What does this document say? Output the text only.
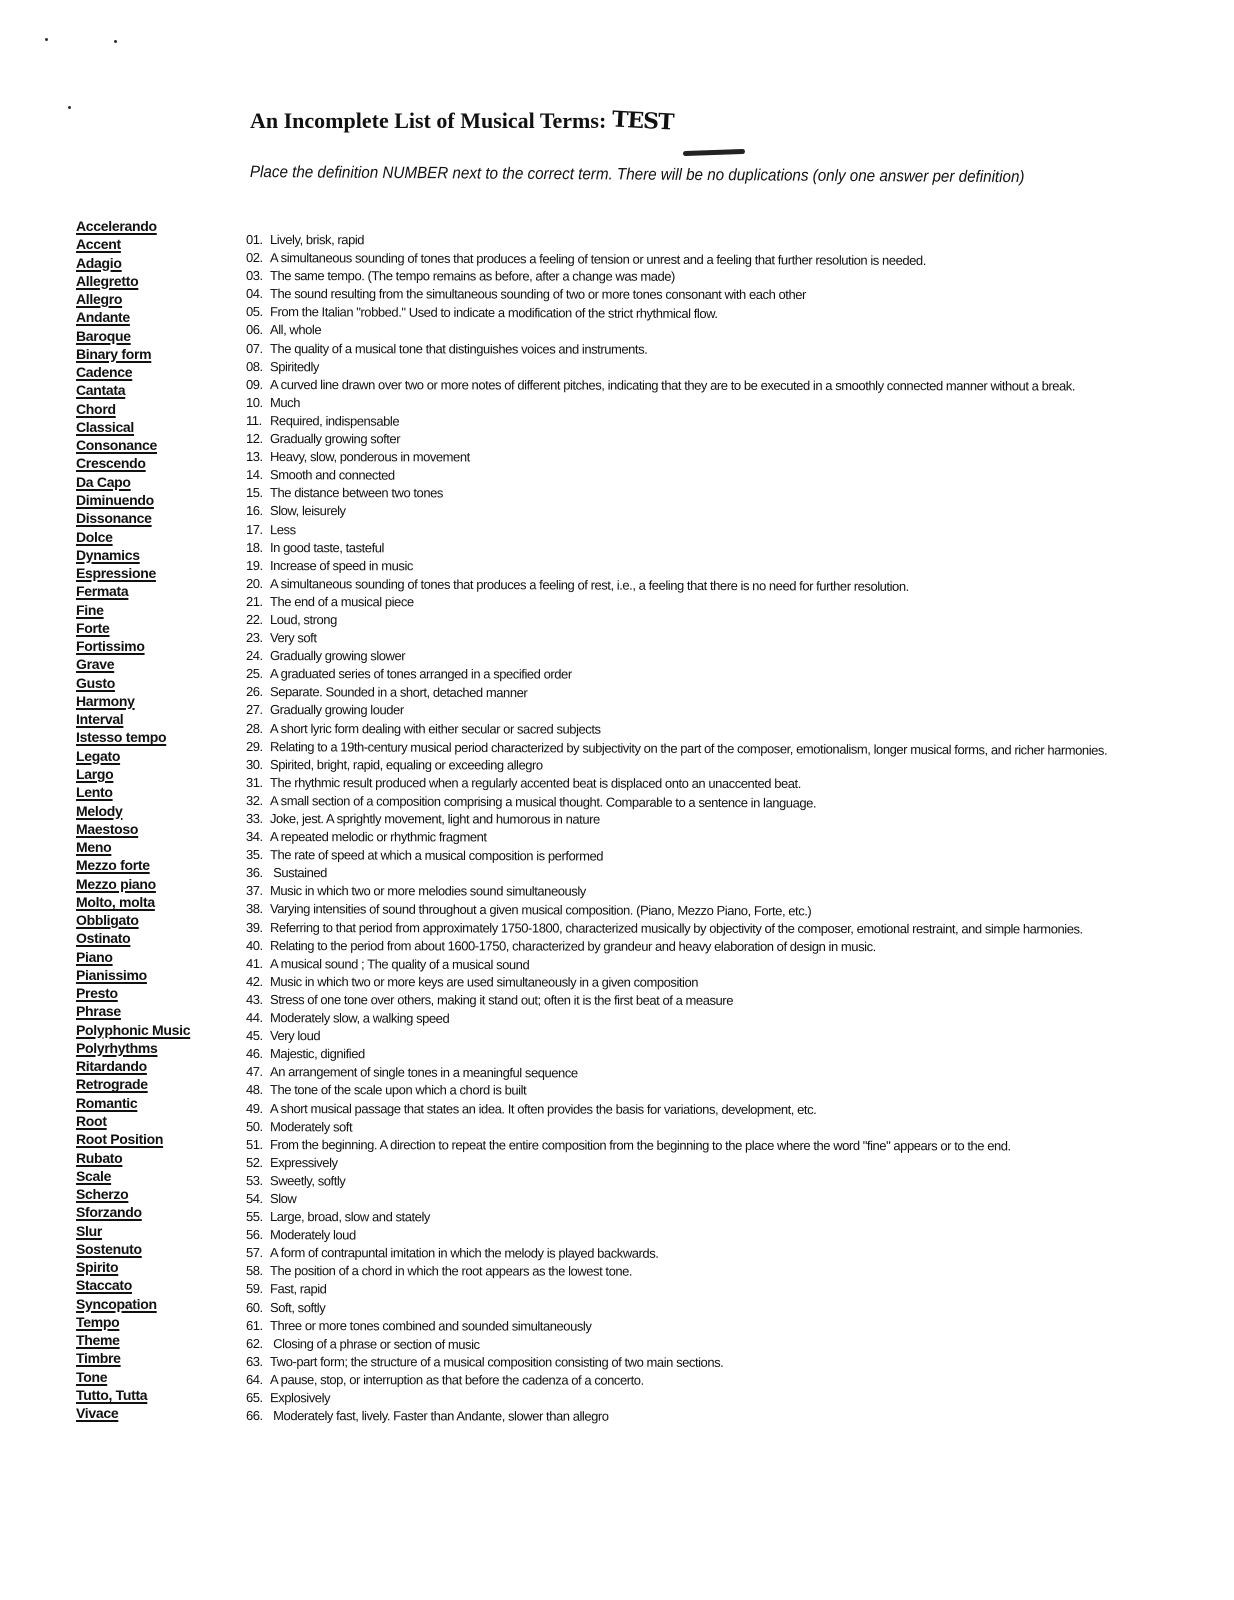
An Incomplete List of Musical Terms: TEST
Place the definition NUMBER next to the correct term. There will be no duplications (only one answer per definition)
Accelerando
Accent
Adagio
Allegretto
Allegro
Andante
Baroque
Binary form
Cadence
Cantata
Chord
Classical
Consonance
Crescendo
Da Capo
Diminuendo
Dissonance
Dolce
Dynamics
Espressione
Fermata
Fine
Forte
Fortissimo
Grave
Gusto
Harmony
Interval
Istesso tempo
Legato
Largo
Lento
Melody
Maestoso
Meno
Mezzo forte
Mezzo piano
Molto, molta
Obbligato
Ostinato
Piano
Pianissimo
Presto
Phrase
Polyphonic Music
Polyrhythms
Ritardando
Retrograde
Romantic
Root
Root Position
Rubato
Scale
Scherzo
Sforzando
Slur
Sostenuto
Spirito
Staccato
Syncopation
Tempo
Theme
Timbre
Tone
Tutto, Tutta
Vivace
01. Lively, brisk, rapid
02. A simultaneous sounding of tones that produces a feeling of tension or unrest and a feeling that further resolution is needed.
03. The same tempo. (The tempo remains as before, after a change was made)
04. The sound resulting from the simultaneous sounding of two or more tones consonant with each other
05. From the Italian "robbed." Used to indicate a modification of the strict rhythmical flow.
06. All, whole
07. The quality of a musical tone that distinguishes voices and instruments.
08. Spiritedly
09. A curved line drawn over two or more notes of different pitches, indicating that they are to be executed in a smoothly connected manner without a break.
10. Much
11. Required, indispensable
12. Gradually growing softer
13. Heavy, slow, ponderous in movement
14. Smooth and connected
15. The distance between two tones
16. Slow, leisurely
17. Less
18. In good taste, tasteful
19. Increase of speed in music
20. A simultaneous sounding of tones that produces a feeling of rest, i.e., a feeling that there is no need for further resolution.
21. The end of a musical piece
22. Loud, strong
23. Very soft
24. Gradually growing slower
25. A graduated series of tones arranged in a specified order
26. Separate. Sounded in a short, detached manner
27. Gradually growing louder
28. A short lyric form dealing with either secular or sacred subjects
29. Relating to a 19th-century musical period characterized by subjectivity on the part of the composer, emotionalism, longer musical forms, and richer harmonies.
30. Spirited, bright, rapid, equaling or exceeding allegro
31. The rhythmic result produced when a regularly accented beat is displaced onto an unaccented beat.
32. A small section of a composition comprising a musical thought. Comparable to a sentence in language.
33. Joke, jest. A sprightly movement, light and humorous in nature
34. A repeated melodic or rhythmic fragment
35. The rate of speed at which a musical composition is performed
36. Sustained
37. Music in which two or more melodies sound simultaneously
38. Varying intensities of sound throughout a given musical composition. (Piano, Mezzo Piano, Forte, etc.)
39. Referring to that period from approximately 1750-1800, characterized musically by objectivity of the composer, emotional restraint, and simple harmonies.
40. Relating to the period from about 1600-1750, characterized by grandeur and heavy elaboration of design in music.
41. A musical sound ; The quality of a musical sound
42. Music in which two or more keys are used simultaneously in a given composition
43. Stress of one tone over others, making it stand out; often it is the first beat of a measure
44. Moderately slow, a walking speed
45. Very loud
46. Majestic, dignified
47. An arrangement of single tones in a meaningful sequence
48. The tone of the scale upon which a chord is built
49. A short musical passage that states an idea. It often provides the basis for variations, development, etc.
50. Moderately soft
51. From the beginning. A direction to repeat the entire composition from the beginning to the place where the word "fine" appears or to the end.
52. Expressively
53. Sweetly, softly
54. Slow
55. Large, broad, slow and stately
56. Moderately loud
57. A form of contrapuntal imitation in which the melody is played backwards.
58. The position of a chord in which the root appears as the lowest tone.
59. Fast, rapid
60. Soft, softly
61. Three or more tones combined and sounded simultaneously
62. Closing of a phrase or section of music
63. Two-part form; the structure of a musical composition consisting of two main sections.
64. A pause, stop, or interruption as that before the cadenza of a concerto.
65. Explosively
66. Moderately fast, lively. Faster than Andante, slower than allegro
